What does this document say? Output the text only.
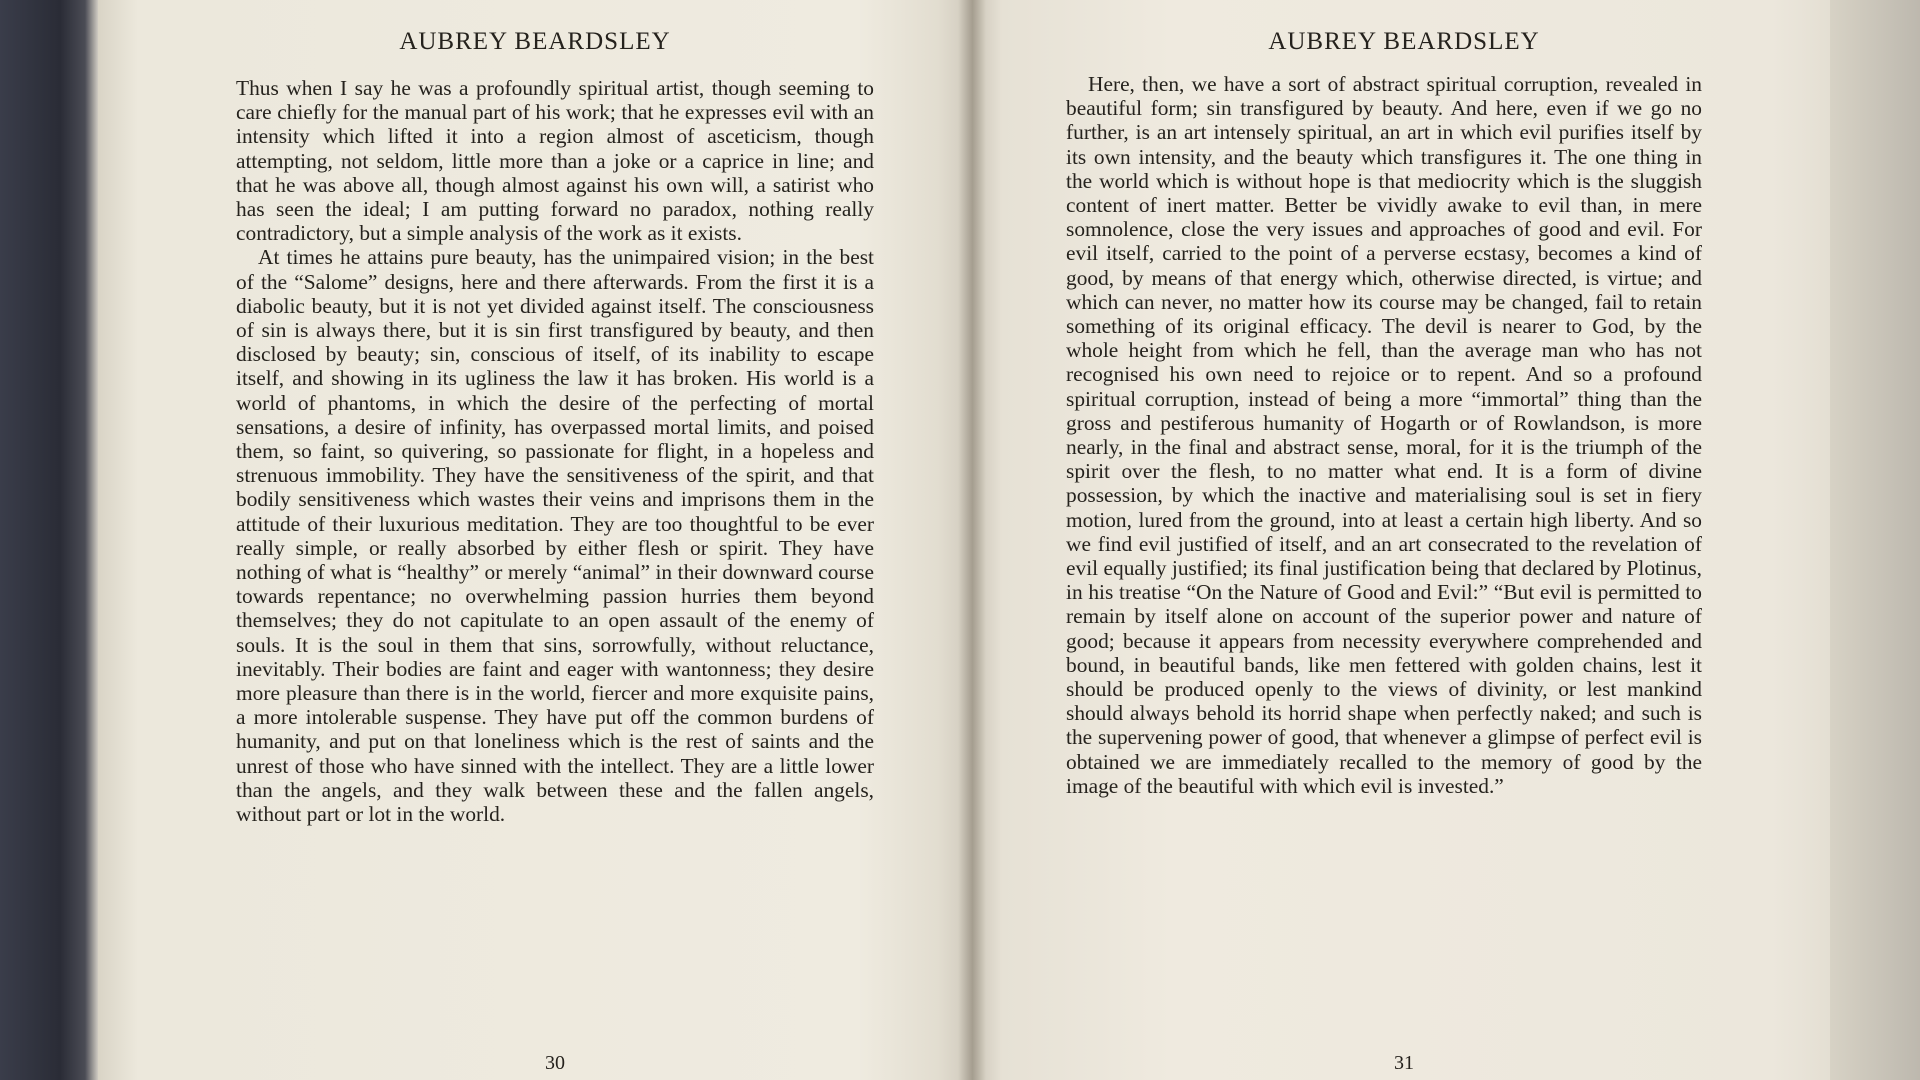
AUBREY BEARDSLEY

Thus when I say he was a profoundly spiritual artist, though seeming to care chiefly for the manual part of his work; that he expresses evil with an intensity which lifted it into a region almost of asceticism, though attempting, not seldom, little more than a joke or a caprice in line; and that he was above all, though almost against his own will, a satirist who has seen the ideal; I am putting forward no paradox, nothing really contradictory, but a simple analysis of the work as it exists.

At times he attains pure beauty, has the unimpaired vision; in the best of the “Salome” designs, here and there afterwards. From the first it is a diabolic beauty, but it is not yet divided against itself. The consciousness of sin is always there, but it is sin first transfigured by beauty, and then disclosed by beauty; sin, conscious of itself, of its inability to escape itself, and showing in its ugliness the law it has broken. His world is a world of phantoms, in which the desire of the perfecting of mortal sensations, a desire of infinity, has overpassed mortal limits, and poised them, so faint, so quivering, so passionate for flight, in a hopeless and strenuous immobility. They have the sensitiveness of the spirit, and that bodily sensitiveness which wastes their veins and imprisons them in the attitude of their luxurious meditation. They are too thoughtful to be ever really simple, or really absorbed by either flesh or spirit. They have nothing of what is “healthy” or merely “animal” in their downward course towards repentance; no overwhelming passion hurries them beyond themselves; they do not capitulate to an open assault of the enemy of souls. It is the soul in them that sins, sorrowfully, without reluctance, inevitably. Their bodies are faint and eager with wantonness; they desire more pleasure than there is in the world, fiercer and more exquisite pains, a more intolerable suspense. They have put off the common burdens of humanity, and put on that loneliness which is the rest of saints and the unrest of those who have sinned with the intellect. They are a little lower than the angels, and they walk between these and the fallen angels, without part or lot in the world.

30
AUBREY BEARDSLEY

Here, then, we have a sort of abstract spiritual corruption, revealed in beautiful form; sin transfigured by beauty. And here, even if we go no further, is an art intensely spiritual, an art in which evil purifies itself by its own intensity, and the beauty which transfigures it. The one thing in the world which is without hope is that mediocrity which is the sluggish content of inert matter. Better be vividly awake to evil than, in mere somnolence, close the very issues and approaches of good and evil. For evil itself, carried to the point of a perverse ecstasy, becomes a kind of good, by means of that energy which, otherwise directed, is virtue; and which can never, no matter how its course may be changed, fail to retain something of its original efficacy. The devil is nearer to God, by the whole height from which he fell, than the average man who has not recognised his own need to rejoice or to repent. And so a profound spiritual corruption, instead of being a more “immortal” thing than the gross and pestiferous humanity of Hogarth or of Rowlandson, is more nearly, in the final and abstract sense, moral, for it is the triumph of the spirit over the flesh, to no matter what end. It is a form of divine possession, by which the inactive and materialising soul is set in fiery motion, lured from the ground, into at least a certain high liberty. And so we find evil justified of itself, and an art consecrated to the revelation of evil equally justified; its final justification being that declared by Plotinus, in his treatise “On the Nature of Good and Evil:” “But evil is permitted to remain by itself alone on account of the superior power and nature of good; because it appears from necessity everywhere comprehended and bound, in beautiful bands, like men fettered with golden chains, lest it should be produced openly to the views of divinity, or lest mankind should always behold its horrid shape when perfectly naked; and such is the supervening power of good, that whenever a glimpse of perfect evil is obtained we are immediately recalled to the memory of good by the image of the beautiful with which evil is invested.”

31
